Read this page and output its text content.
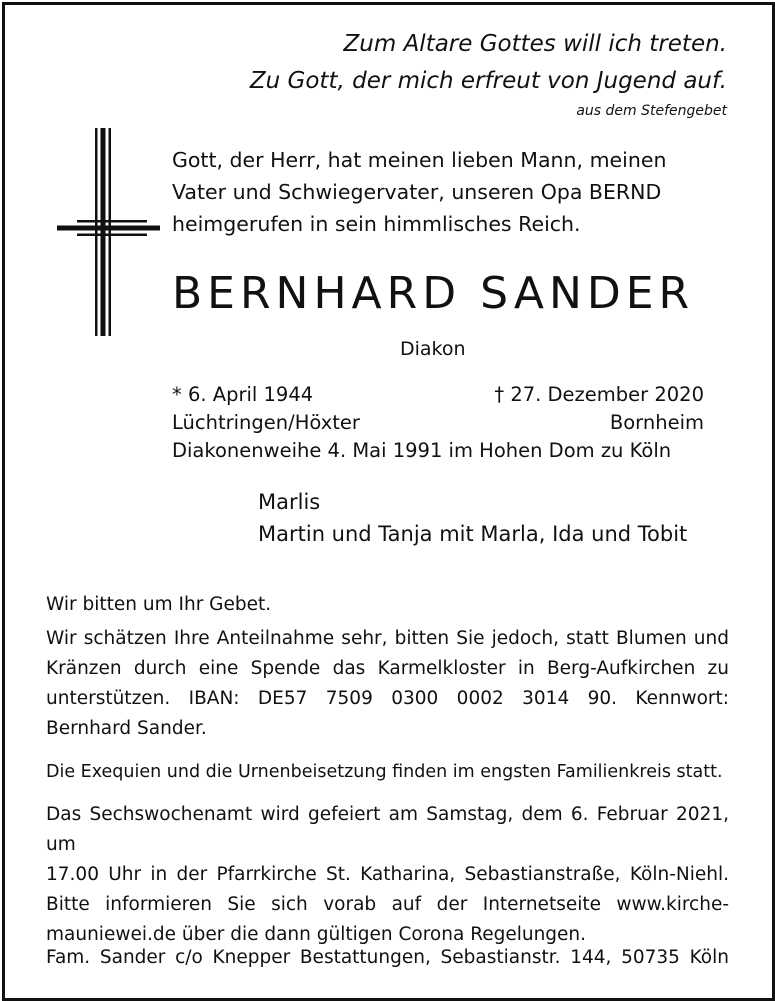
Zum Altare Gottes will ich treten.
Zu Gott, der mich erfreut von Jugend auf.
aus dem Stefengebet
Gott, der Herr, hat meinen lieben Mann, meinen
Vater und Schwiegervater, unseren Opa BERND
heimgerufen in sein himmlisches Reich.
BERNHARD SANDER
Diakon
* 6. April 1944	† 27. Dezember 2020
Lüchtringen/Höxter	Bornheim
Diakonenweihe 4. Mai 1991 im Hohen Dom zu Köln
Marlis
Martin und Tanja mit Marla, Ida und Tobit
Wir bitten um Ihr Gebet.
Wir schätzen Ihre Anteilnahme sehr, bitten Sie jedoch, statt Blumen und
Kränzen durch eine Spende das Karmelkloster in Berg-Aufkirchen zu
unterstützen. IBAN: DE57 7509 0300 0002 3014 90. Kennwort:
Bernhard Sander.
Die Exequien und die Urnenbeisetzung finden im engsten Familienkreis statt.
Das Sechswochenamt wird gefeiert am Samstag, dem 6. Februar 2021, um
17.00 Uhr in der Pfarrkirche St. Katharina, Sebastianstraße, Köln-Niehl.
Bitte informieren Sie sich vorab auf der Internetseite www.kirche-
mauniewei.de über die dann gültigen Corona Regelungen.
Fam. Sander c/o Knepper Bestattungen, Sebastianstr. 144, 50735 Köln
